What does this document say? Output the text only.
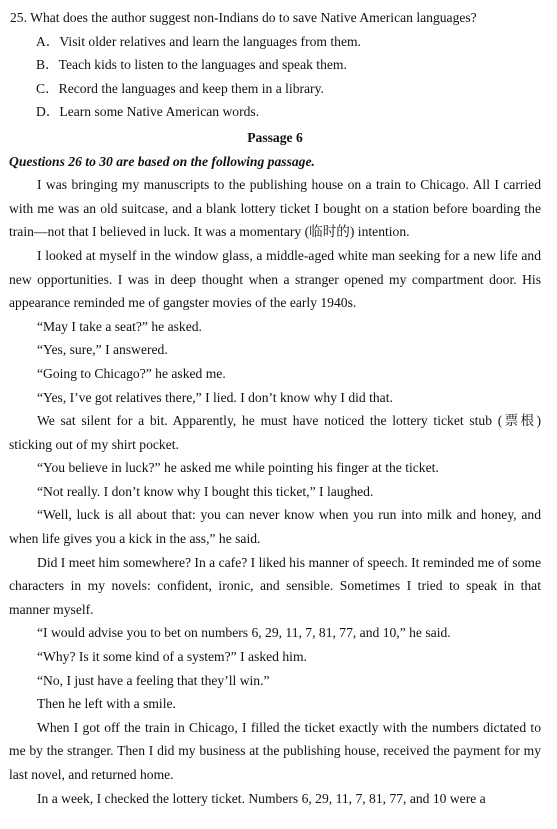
25. What does the author suggest non-Indians do to save Native American languages?
A．Visit older relatives and learn the languages from them.
B．Teach kids to listen to the languages and speak them.
C．Record the languages and keep them in a library.
D．Learn some Native American words.
Passage 6
Questions 26 to 30 are based on the following passage.

I was bringing my manuscripts to the publishing house on a train to Chicago. All I carried with me was an old suitcase, and a blank lottery ticket I bought on a station before boarding the train—not that I believed in luck. It was a momentary (临时的) intention.

I looked at myself in the window glass, a middle-aged white man seeking for a new life and new opportunities. I was in deep thought when a stranger opened my compartment door. His appearance reminded me of gangster movies of the early 1940s.

“May I take a seat?” he asked.

“Yes, sure,” I answered.

“Going to Chicago?” he asked me.

“Yes, I’ve got relatives there,” I lied. I don’t know why I did that.

We sat silent for a bit. Apparently, he must have noticed the lottery ticket stub (票根) sticking out of my shirt pocket.

“You believe in luck?” he asked me while pointing his finger at the ticket.

“Not really. I don’t know why I bought this ticket,” I laughed.

“Well, luck is all about that: you can never know when you run into milk and honey, and when life gives you a kick in the ass,” he said.

Did I meet him somewhere? In a cafe? I liked his manner of speech. It reminded me of some characters in my novels: confident, ironic, and sensible. Sometimes I tried to speak in that manner myself.

“I would advise you to bet on numbers 6, 29, 11, 7, 81, 77, and 10,” he said.

“Why? Is it some kind of a system?” I asked him.

“No, I just have a feeling that they’ll win.”

Then he left with a smile.

When I got off the train in Chicago, I filled the ticket exactly with the numbers dictated to me by the stranger. Then I did my business at the publishing house, received the payment for my last novel, and returned home.

In a week, I checked the lottery ticket. Numbers 6, 29, 11, 7, 81, 77, and 10 were a
